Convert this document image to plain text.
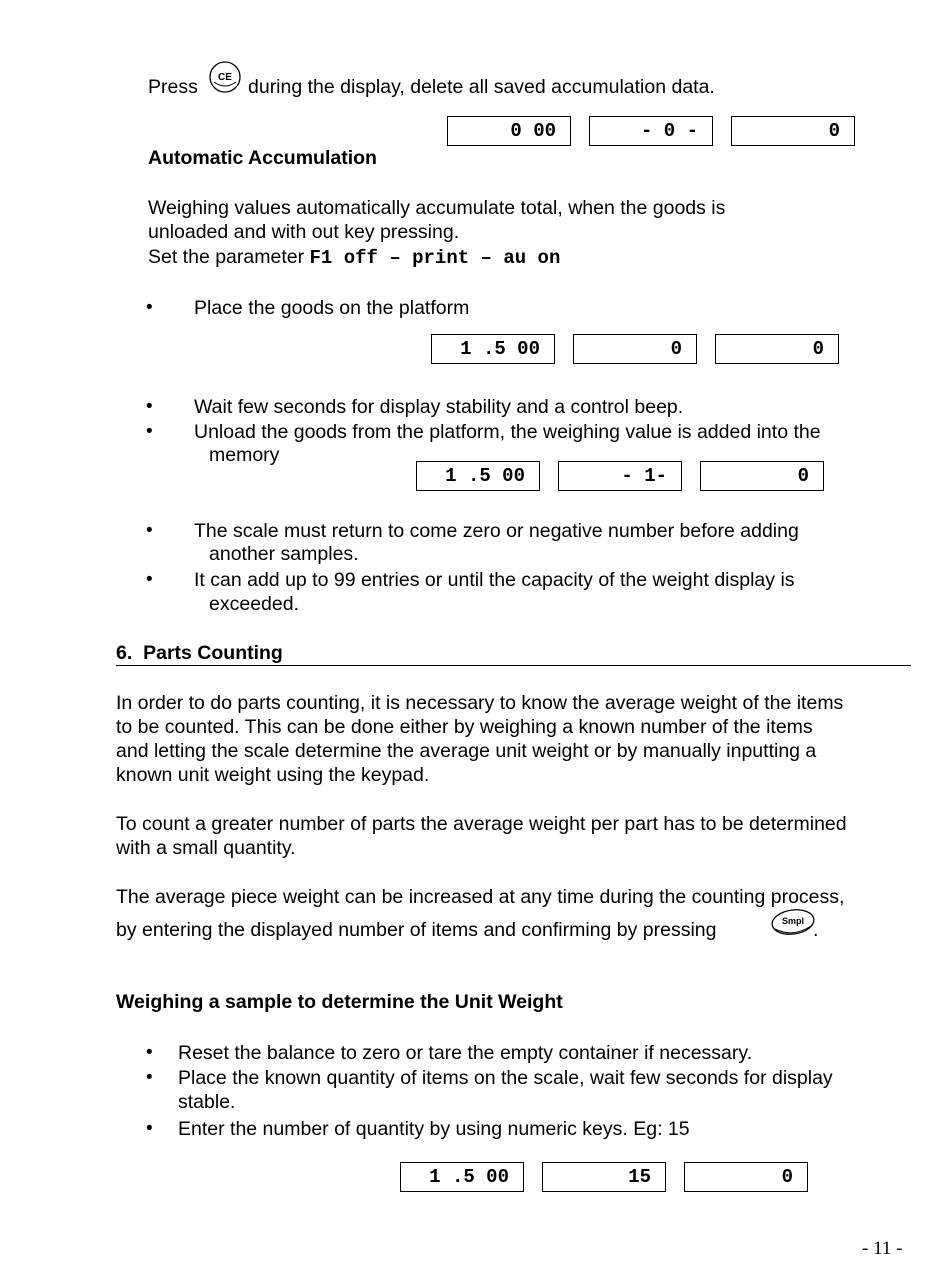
Press CE during the display, delete all saved accumulation data.
0 00	- 0 -	0
Automatic Accumulation
Weighing values automatically accumulate total, when the goods is
unloaded and with out key pressing.
Set the parameter F1 off – print – au on
• Place the goods on the platform
1 .5 00	0	0
• Wait few seconds for display stability and a control beep.
• Unload the goods from the platform, the weighing value is added into the
memory
1 .5 00	- 1-	0
• The scale must return to come zero or negative number before adding
another samples.
• It can add up to 99 entries or until the capacity of the weight display is
exceeded.
6.  Parts Counting
In order to do parts counting, it is necessary to know the average weight of the items
to be counted. This can be done either by weighing a known number of the items
and letting the scale determine the average unit weight or by manually inputting a
known unit weight using the keypad.
To count a greater number of parts the average weight per part has to be determined
with a small quantity.
The average piece weight can be increased at any time during the counting process,
by entering the displayed number of items and confirming by pressing	Smpl .
Weighing a sample to determine the Unit Weight
• Reset the balance to zero or tare the empty container if necessary.
• Place the known quantity of items on the scale, wait few seconds for display
stable.
• Enter the number of quantity by using numeric keys. Eg: 15
1 .5 00	15	0
- 11 -
